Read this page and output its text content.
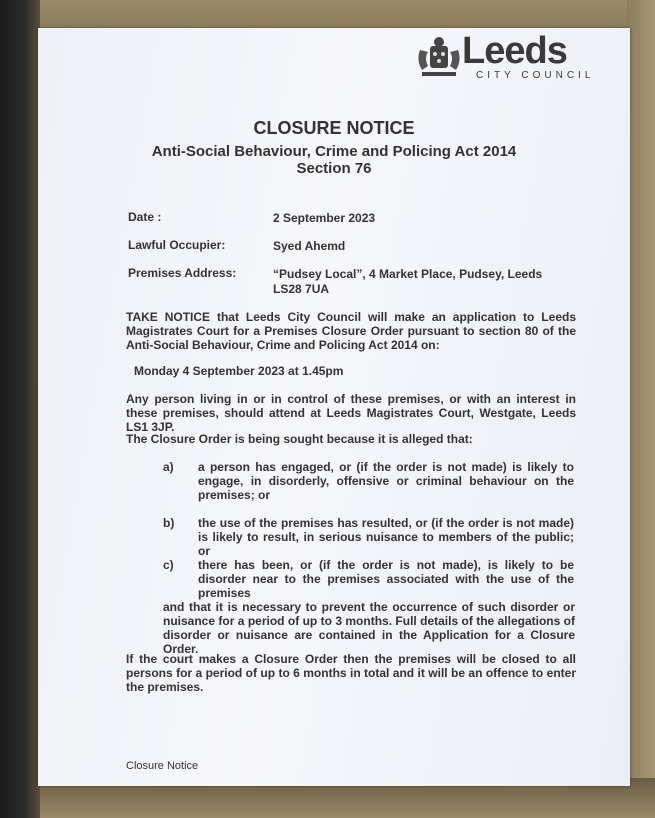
Leeds
CITY COUNCIL
CLOSURE NOTICE
Anti-Social Behaviour, Crime and Policing Act 2014
Section 76
Date :	2 September 2023
Lawful Occupier:	Syed Ahemd
Premises Address:	“Pudsey Local”, 4 Market Place, Pudsey, Leeds LS28 7UA
TAKE NOTICE that Leeds City Council will make an application to Leeds Magistrates Court for a Premises Closure Order pursuant to section 80 of the Anti-Social Behaviour, Crime and Policing Act 2014 on:
Monday 4 September 2023 at 1.45pm
Any person living in or in control of these premises, or with an interest in these premises, should attend at Leeds Magistrates Court, Westgate, Leeds LS1 3JP.
The Closure Order is being sought because it is alleged that:
a) a person has engaged, or (if the order is not made) is likely to engage, in disorderly, offensive or criminal behaviour on the premises; or
b) the use of the premises has resulted, or (if the order is not made) is likely to result, in serious nuisance to members of the public; or
c) there has been, or (if the order is not made), is likely to be disorder near to the premises associated with the use of the premises
and that it is necessary to prevent the occurrence of such disorder or nuisance for a period of up to 3 months. Full details of the allegations of disorder or nuisance are contained in the Application for a Closure Order.
If the court makes a Closure Order then the premises will be closed to all persons for a period of up to 6 months in total and it will be an offence to enter the premises.
Closure Notice
